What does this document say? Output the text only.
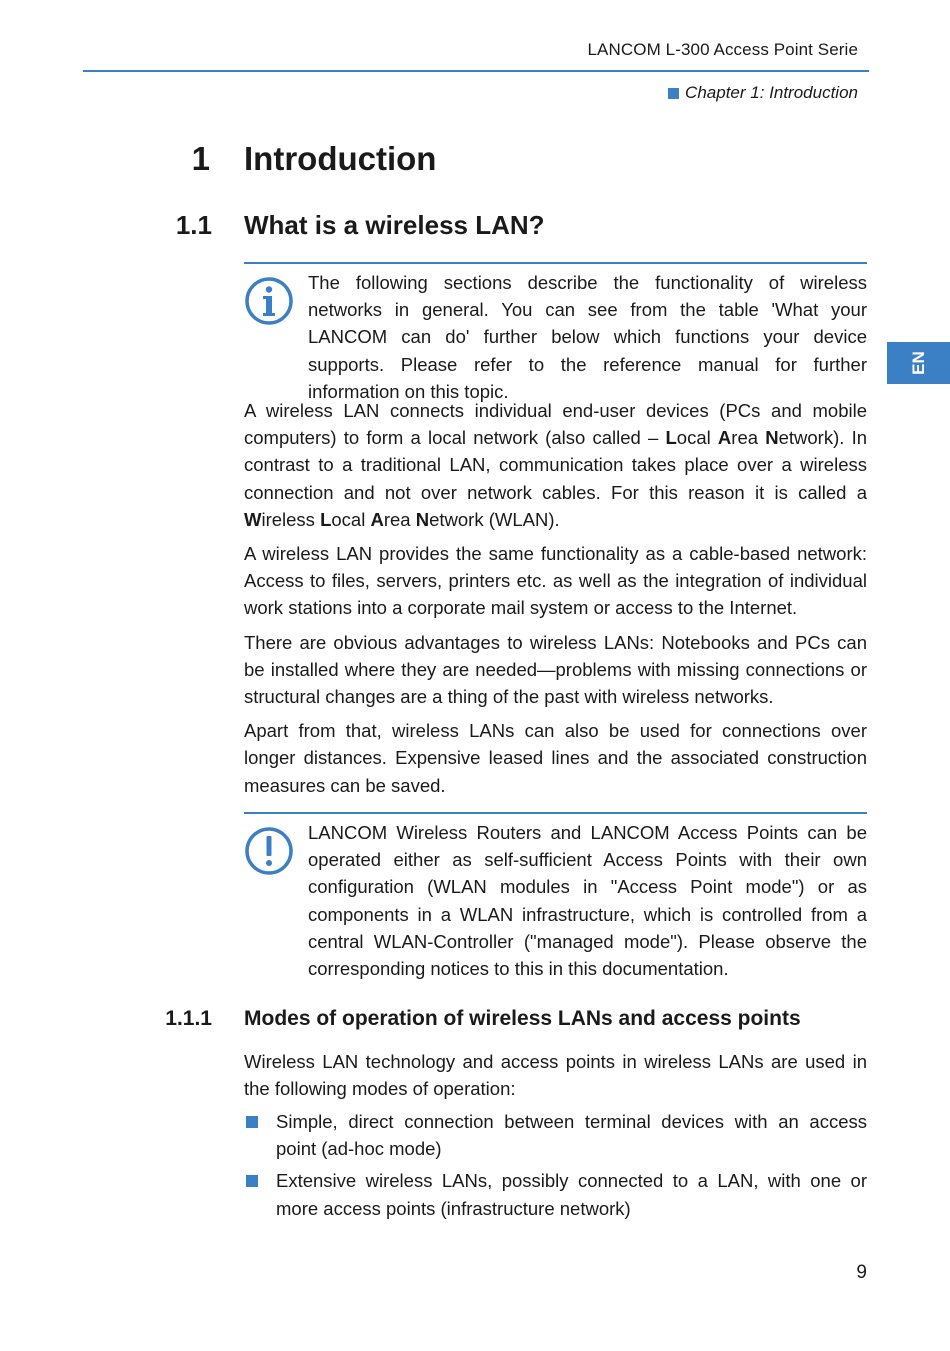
LANCOM L-300 Access Point Serie
Chapter 1: Introduction
EN
1 Introduction
1.1 What is a wireless LAN?
The following sections describe the functionality of wireless networks in general. You can see from the table 'What your LANCOM can do' further below which functions your device supports. Please refer to the reference manual for further information on this topic.

A wireless LAN connects individual end-user devices (PCs and mobile computers) to form a local network (also called – Local Area Network). In contrast to a traditional LAN, communication takes place over a wireless connection and not over network cables. For this reason it is called a Wireless Local Area Network (WLAN).

A wireless LAN provides the same functionality as a cable-based network: Access to files, servers, printers etc. as well as the integration of individual work stations into a corporate mail system or access to the Internet.

There are obvious advantages to wireless LANs: Notebooks and PCs can be installed where they are needed—problems with missing connections or structural changes are a thing of the past with wireless networks.

Apart from that, wireless LANs can also be used for connections over longer distances. Expensive leased lines and the associated construction measures can be saved.

LANCOM Wireless Routers and LANCOM Access Points can be operated either as self-sufficient Access Points with their own configuration (WLAN modules in "Access Point mode") or as components in a WLAN infrastructure, which is controlled from a central WLAN-Controller ("managed mode"). Please observe the corresponding notices to this in this documentation.
1.1.1 Modes of operation of wireless LANs and access points

Wireless LAN technology and access points in wireless LANs are used in the following modes of operation:

Simple, direct connection between terminal devices with an access point (ad-hoc mode)
Extensive wireless LANs, possibly connected to a LAN, with one or more access points (infrastructure network)
9
